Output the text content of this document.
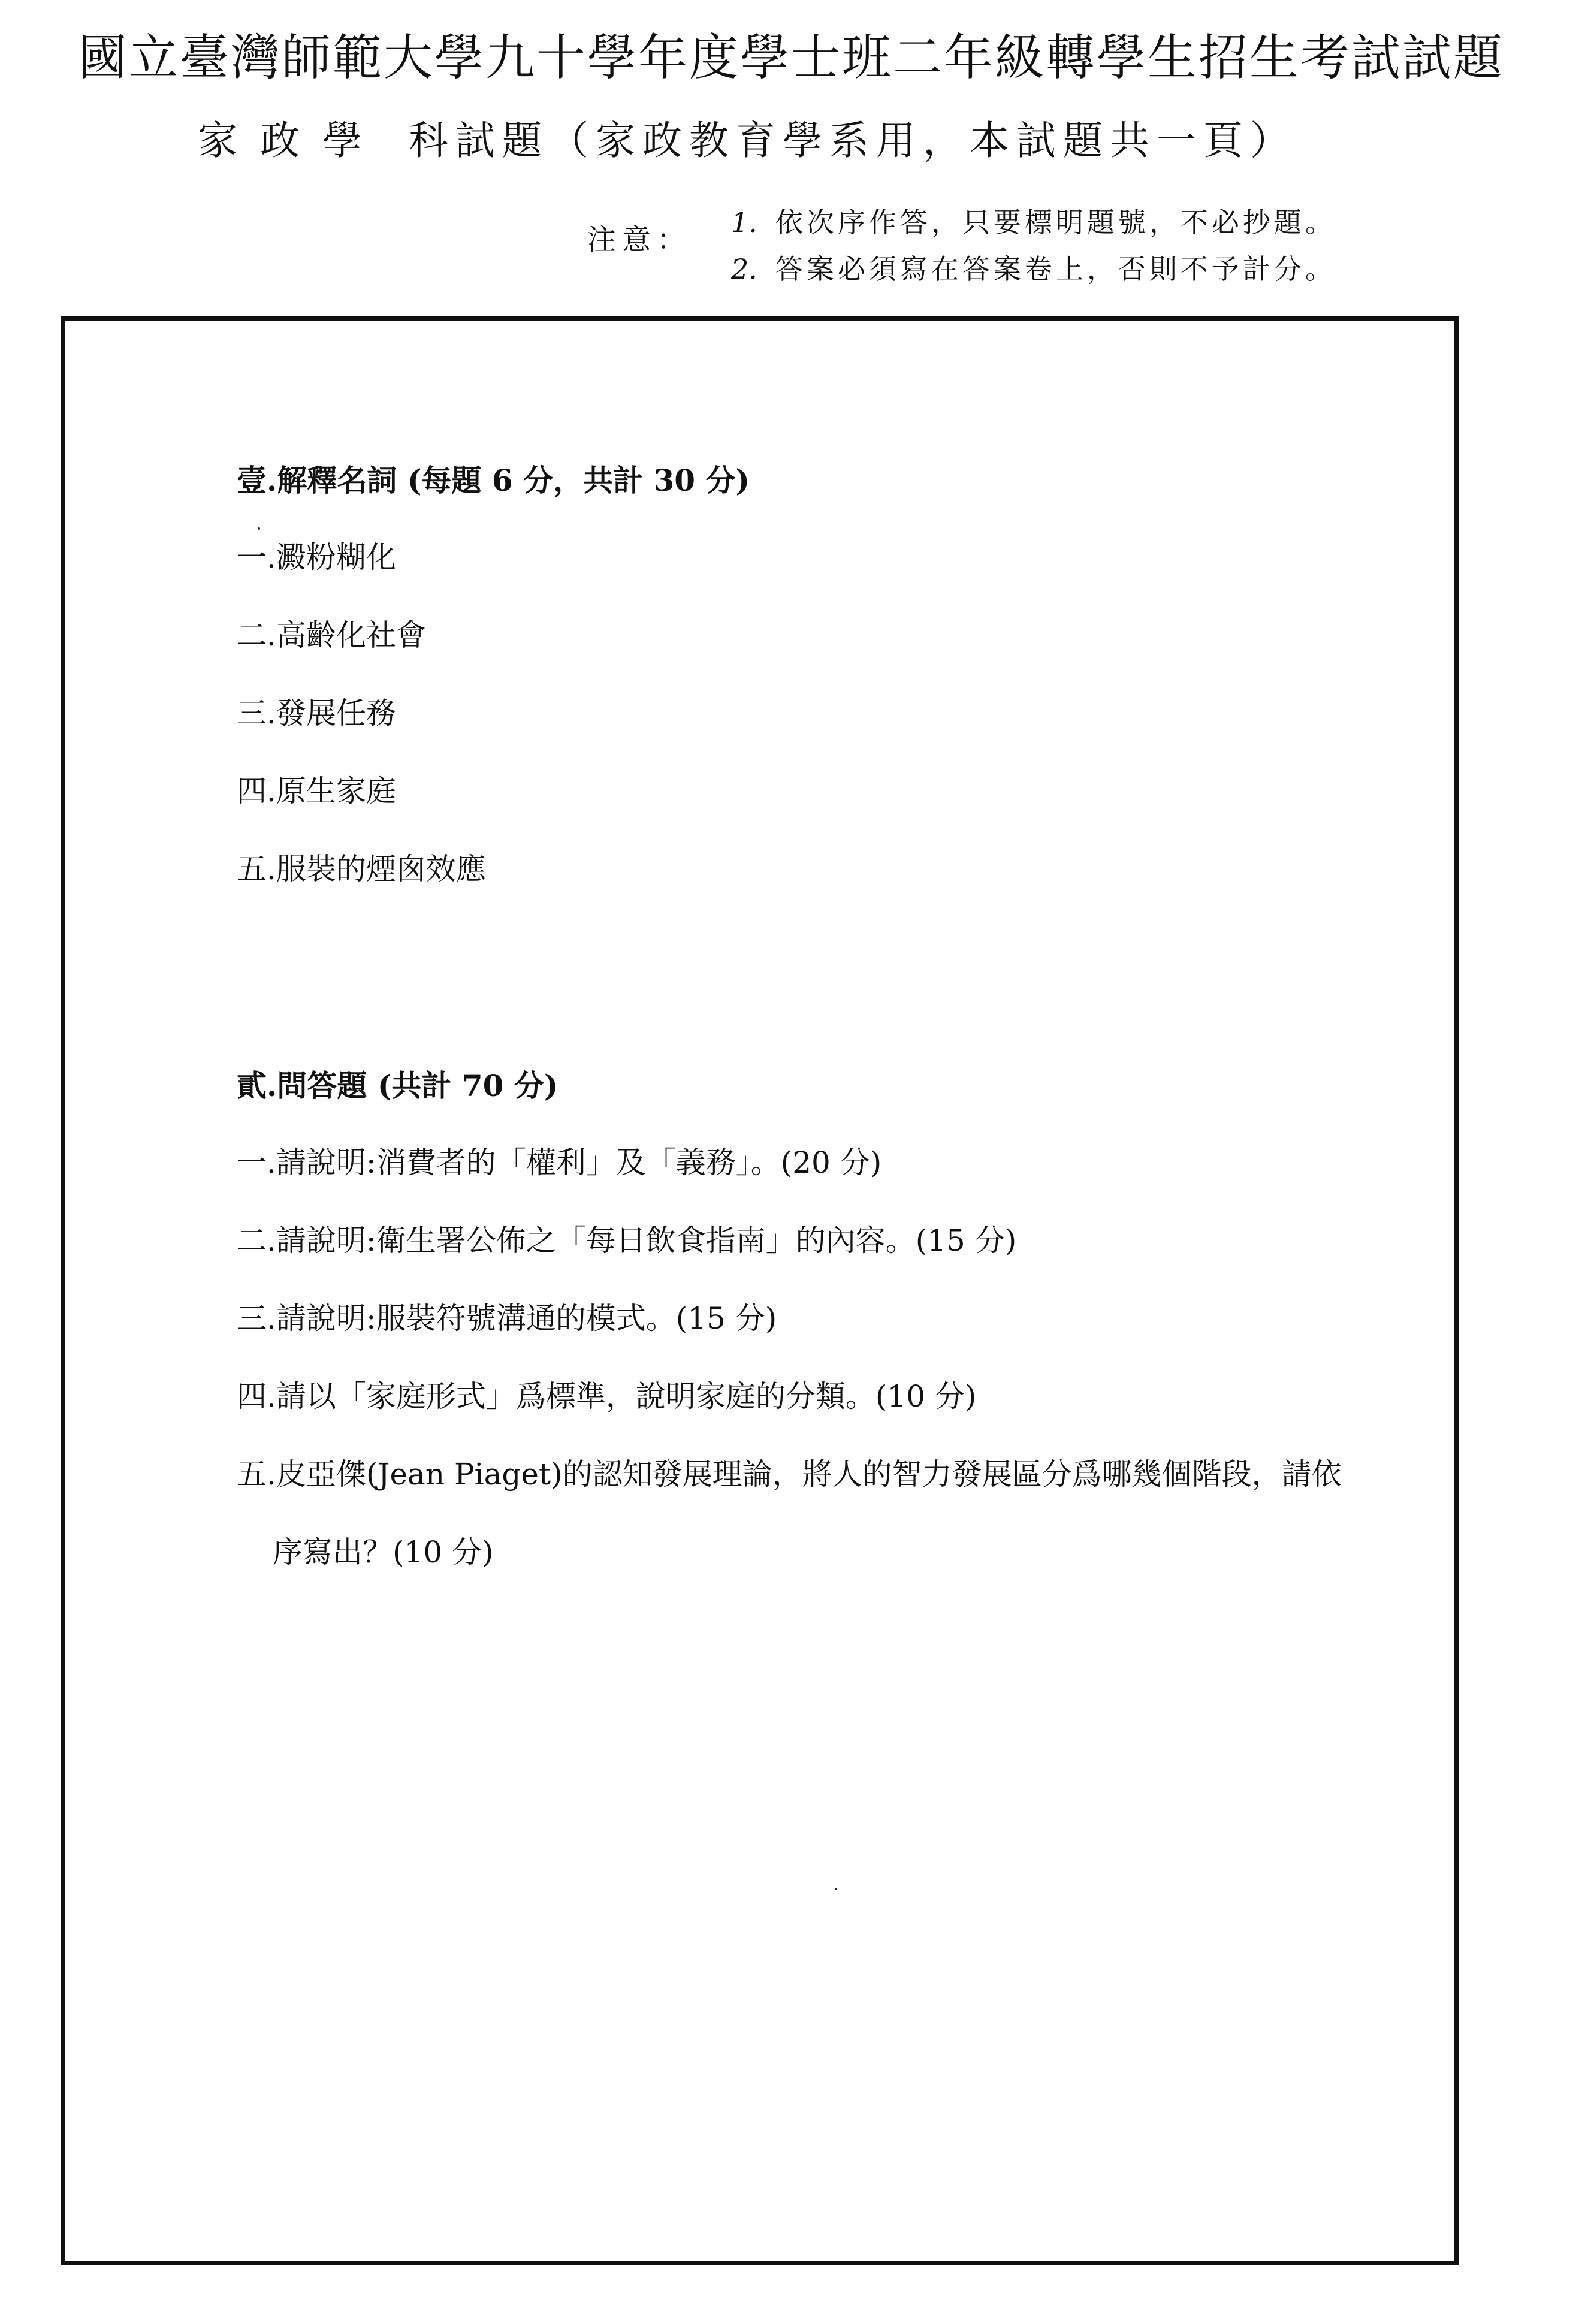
國立臺灣師範大學九十學年度學士班二年級轉學生招生考試試題
家政學 科試題（家政教育學系用，本試題共一頁）
注意：
1. 依次序作答，只要標明題號，不必抄題。
2. 答案必須寫在答案卷上，否則不予計分。
壹.解釋名詞 (每題 6 分，共計 30 分)
一.澱粉糊化
二.高齡化社會
三.發展任務
四.原生家庭
五.服裝的煙囪效應
貳.問答題 (共計 70 分)
一.請說明:消費者的「權利」及「義務」。(20 分)
二.請說明:衛生署公佈之「每日飲食指南」的內容。(15 分)
三.請說明:服裝符號溝通的模式。(15 分)
四.請以「家庭形式」爲標準，說明家庭的分類。(10 分)
五.皮亞傑(Jean Piaget)的認知發展理論，將人的智力發展區分爲哪幾個階段，請依
序寫出？(10 分)
